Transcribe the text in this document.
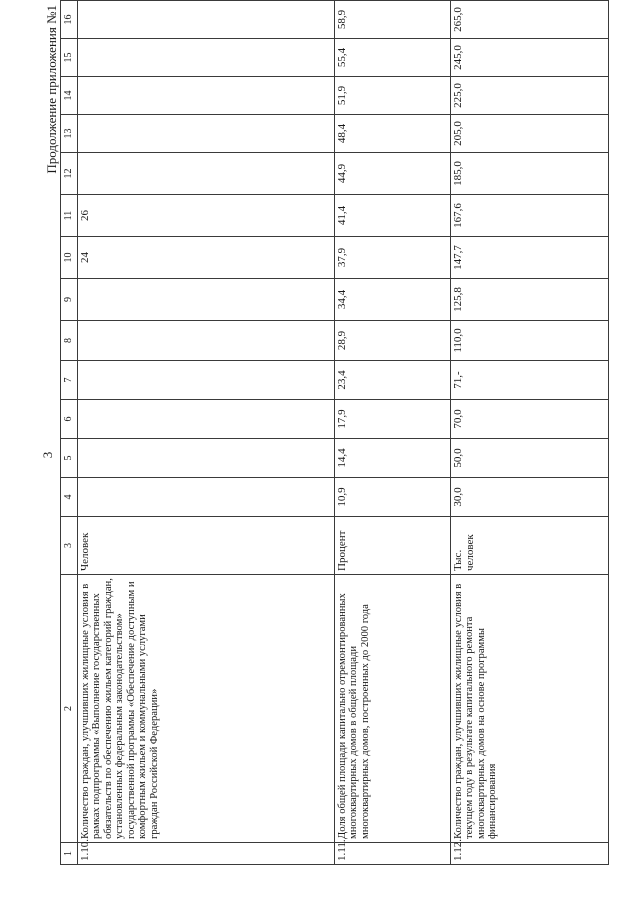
3
Продолжение приложения №1
1	2	3	4	5	6	7	8	9	10	11	12	13	14	15	16
1.10.	Количество граждан, улучшивших жилищные условия в рамках подпрограммы «Выполнение государственных обязательств по обеспечению жильем категорий граждан, установленных федеральным законодательством» государственной программы «Обеспечение доступным и комфортным жильем и коммунальными услугами граждан Российской Федерации»	Человек							24	26					
1.11.	Доля общей площади капитально отремонтированных многоквартирных домов в общей площади многоквартирных домов, построенных до 2000 года	Процент	10,9	14,4	17,9	23,4	28,9	34,4	37,9	41,4	44,9	48,4	51,9	55,4	58,9
1.12.	Количество граждан, улучшивших жилищные условия в текущем году в результате капитального ремонта многоквартирных домов на основе программы финансирования	Тыс. человек	30,0	50,0	70,0	71,-	110,0	125,8	147,7	167,6	185,0	205,0	225,0	245,0	265,0
